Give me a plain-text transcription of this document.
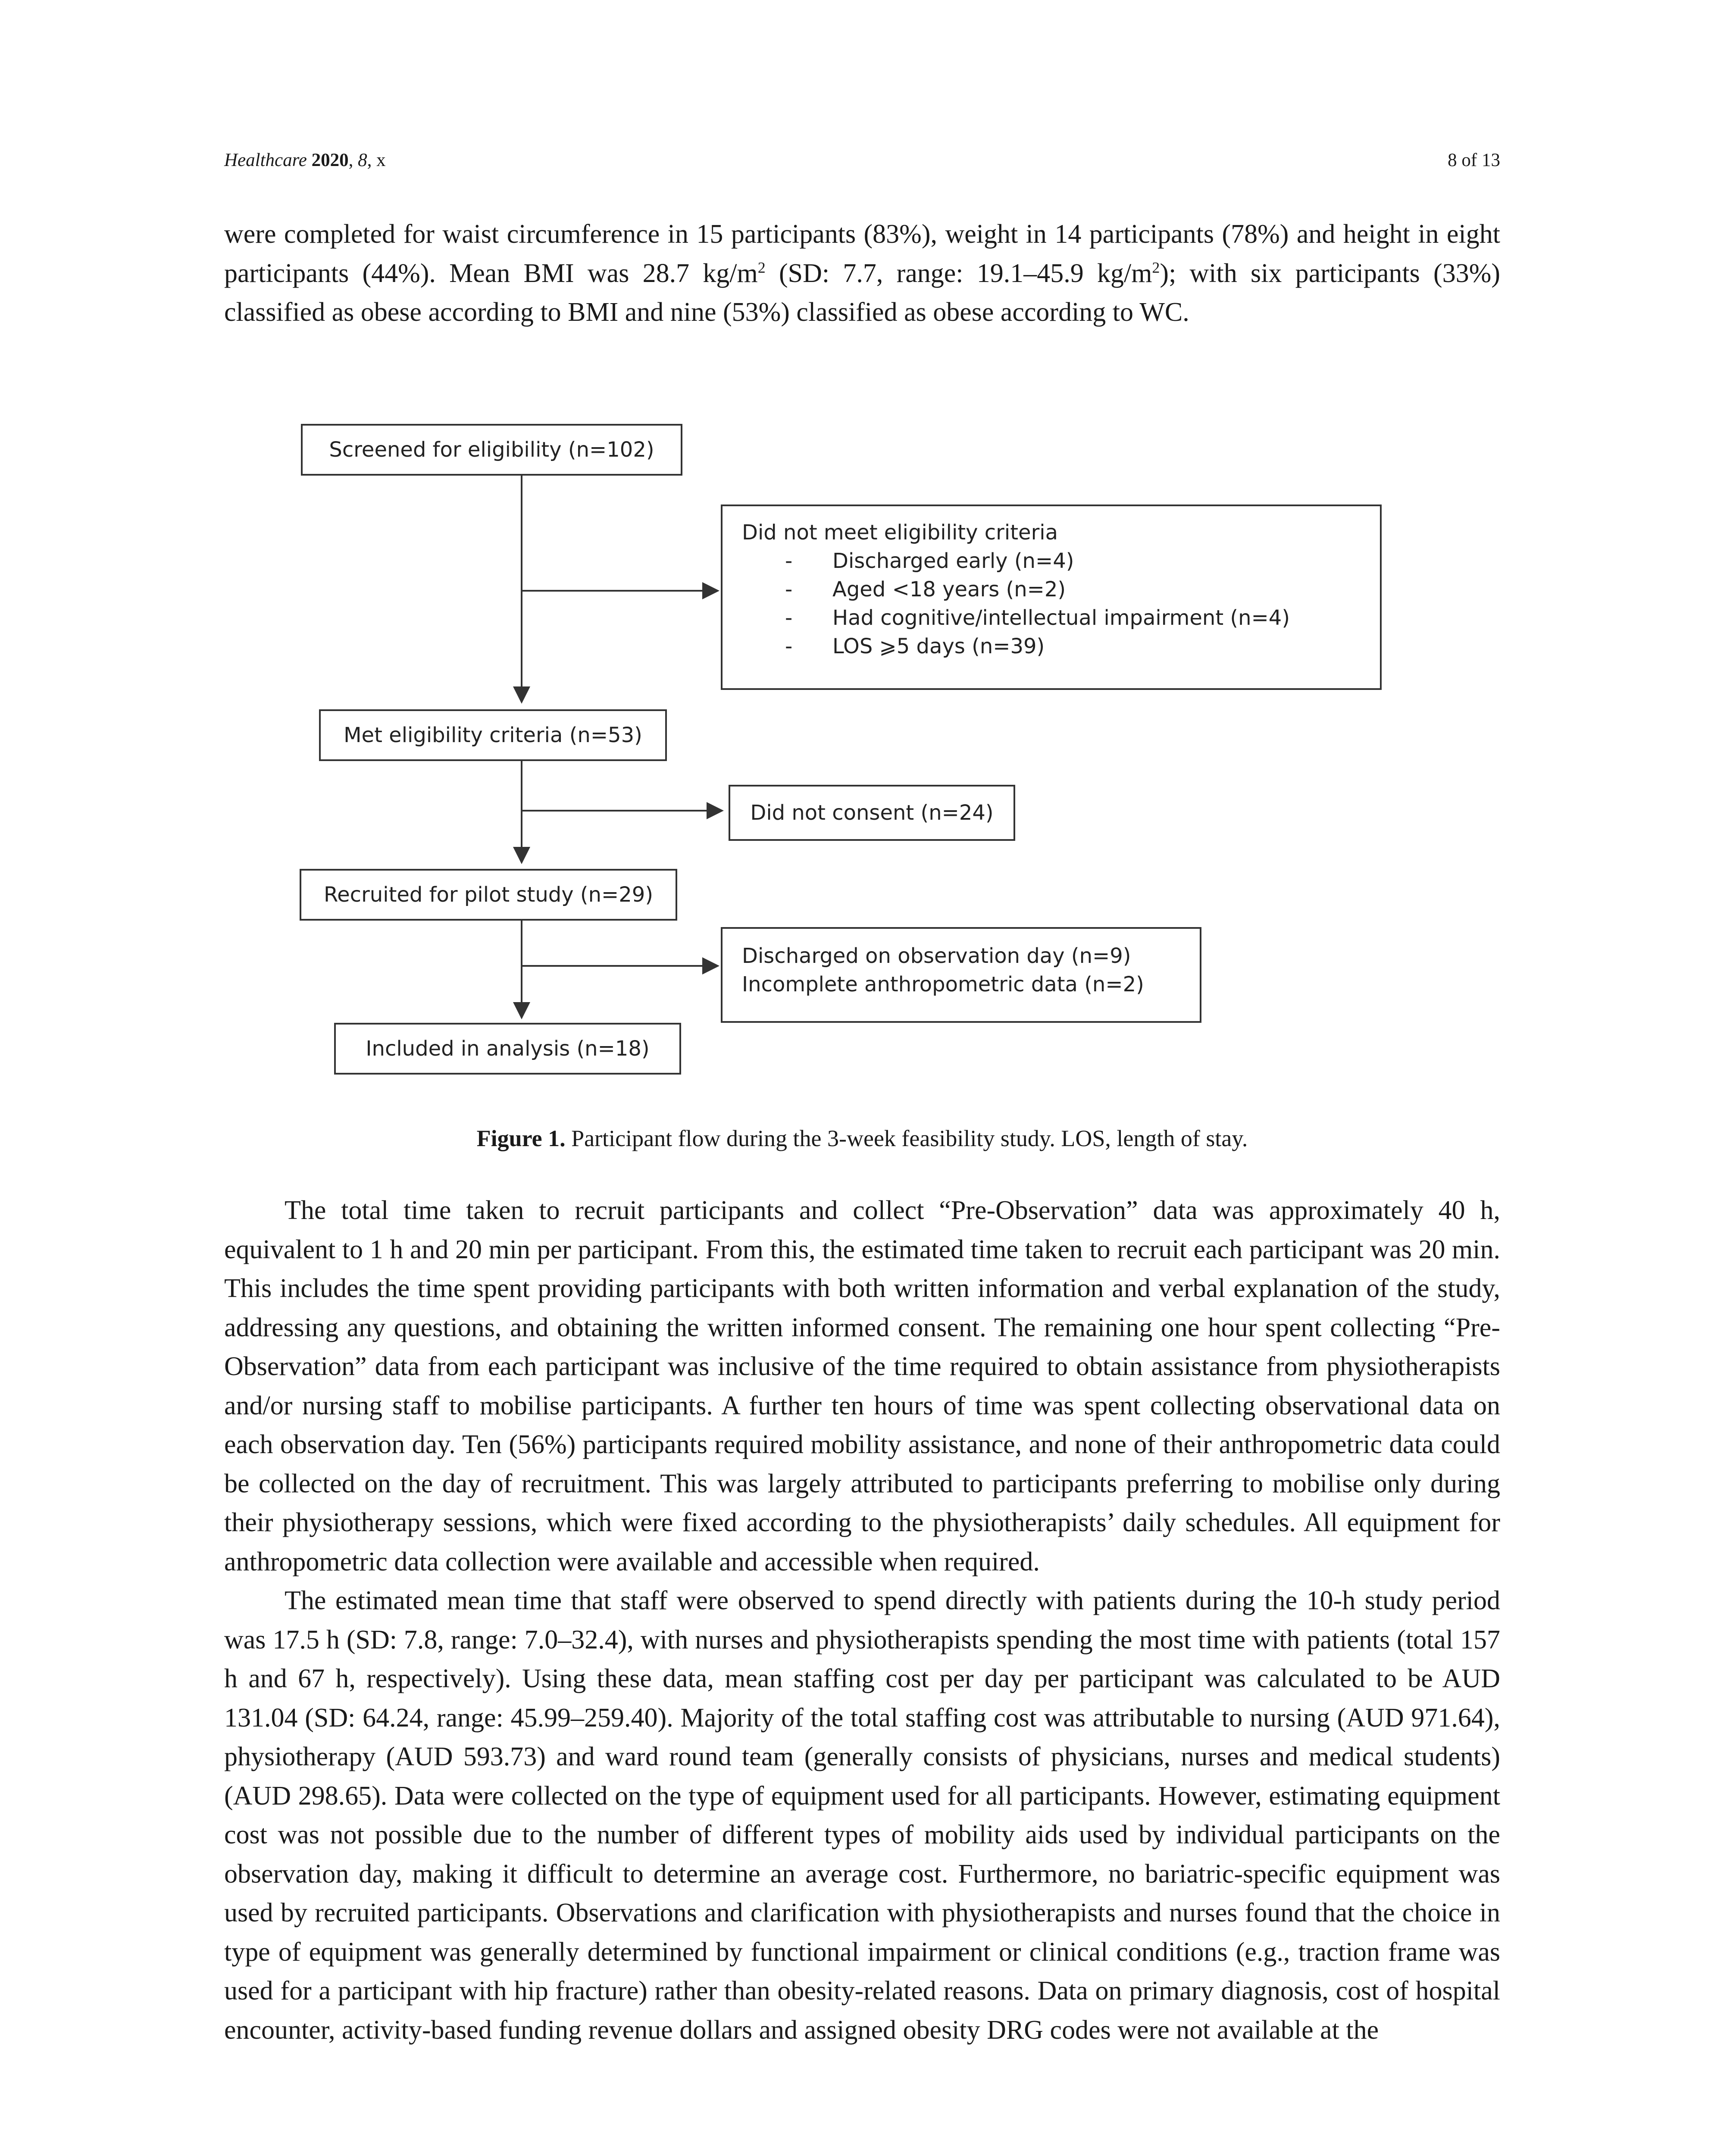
Healthcare 2020, 8, x	8 of 13

were completed for waist circumference in 15 participants (83%), weight in 14 participants (78%) and height in eight participants (44%). Mean BMI was 28.7 $kg/m^2$ (SD: 7.7, range: 19.1–45.9 $kg/m^2$); with six participants (33%) classified as obese according to BMI and nine (53%) classified as obese according to WC.

Screened for eligibility (n=102)
Did not meet eligibility criteria
- Discharged early (n=4)
- Aged <18 years (n=2)
- Had cognitive/intellectual impairment (n=4)
- LOS ⩾5 days (n=39)
Met eligibility criteria (n=53)
Did not consent (n=24)
Recruited for pilot study (n=29)
Discharged on observation day (n=9)
Incomplete anthropometric data (n=2)
Included in analysis (n=18)
Figure 1. Participant flow during the 3-week feasibility study. LOS, length of stay.

The total time taken to recruit participants and collect “Pre-Observation” data was approximately 40 h, equivalent to 1 h and 20 min per participant. From this, the estimated time taken to recruit each participant was 20 min. This includes the time spent providing participants with both written information and verbal explanation of the study, addressing any questions, and obtaining the written informed consent. The remaining one hour spent collecting “Pre-Observation” data from each participant was inclusive of the time required to obtain assistance from physiotherapists and/or nursing staff to mobilise participants. A further ten hours of time was spent collecting observational data on each observation day. Ten (56%) participants required mobility assistance, and none of their anthropometric data could be collected on the day of recruitment. This was largely attributed to participants preferring to mobilise only during their physiotherapy sessions, which were fixed according to the physiotherapists’ daily schedules. All equipment for anthropometric data collection were available and accessible when required.

The estimated mean time that staff were observed to spend directly with patients during the 10-h study period was 17.5 h (SD: 7.8, range: 7.0–32.4), with nurses and physiotherapists spending the most time with patients (total 157 h and 67 h, respectively). Using these data, mean staffing cost per day per participant was calculated to be AUD 131.04 (SD: 64.24, range: 45.99–259.40). Majority of the total staffing cost was attributable to nursing (AUD 971.64), physiotherapy (AUD 593.73) and ward round team (generally consists of physicians, nurses and medical students) (AUD 298.65). Data were collected on the type of equipment used for all participants. However, estimating equipment cost was not possible due to the number of different types of mobility aids used by individual participants on the observation day, making it difficult to determine an average cost. Furthermore, no bariatric-specific equipment was used by recruited participants. Observations and clarification with physiotherapists and nurses found that the choice in type of equipment was generally determined by functional impairment or clinical conditions (e.g., traction frame was used for a participant with hip fracture) rather than obesity-related reasons. Data on primary diagnosis, cost of hospital encounter, activity-based funding revenue dollars and assigned obesity DRG codes were not available at the
